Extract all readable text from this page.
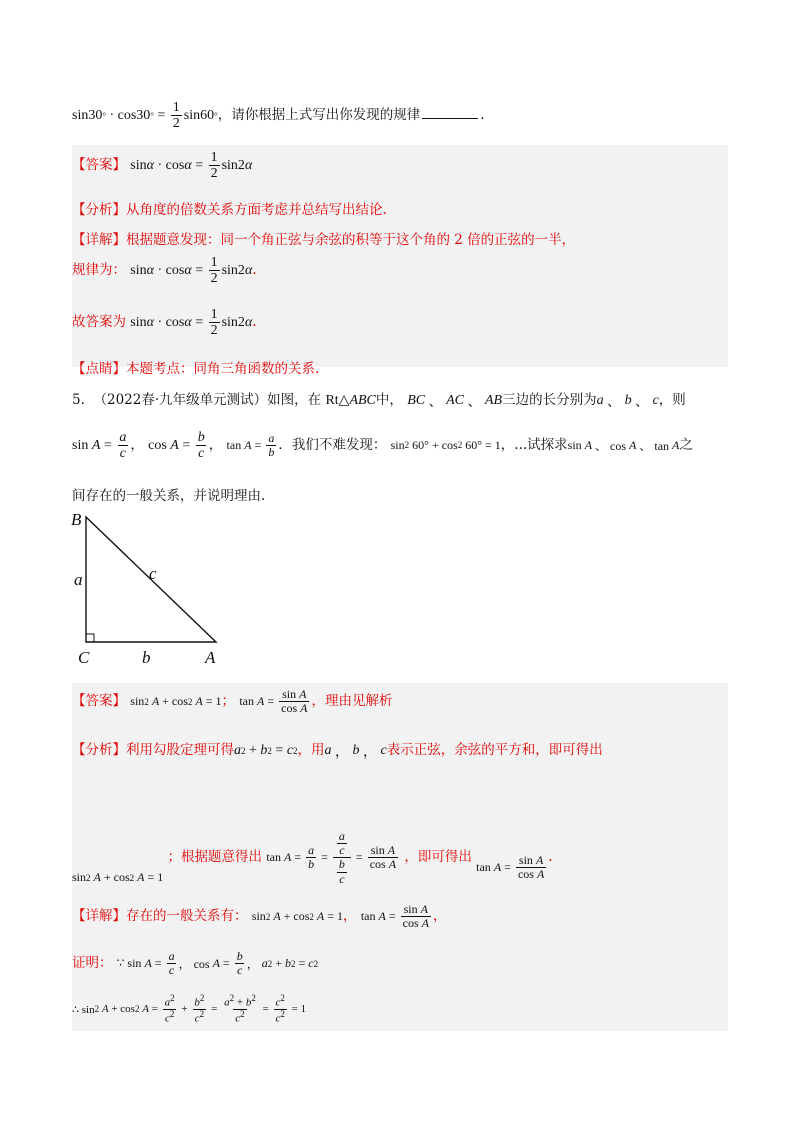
sin30 ° · cos30 ° = $\frac{1}{2} \sin 60$ ° ，请你根据上式写出你发现的规律	.
【答案】 $\sin \alpha \cdot \cos \alpha = \frac{1}{2} \sin 2$ α
【分析】从角度的倍数关系方面考虑并总结写出结论.
【详解】根据题意发现：同一个角正弦与余弦的积等于这个角的 2 倍的正弦的一半，
规律为： $\sin \alpha \cdot \cos \alpha = \frac{1}{2} \sin 2$ α .
故答案为 $\sin \alpha \cdot \cos \alpha = \frac{1}{2} \sin 2$ α .
【点睛】本题考点：同角三角函数的关系.
5. （2022春·九年级单元测试）如图，在 Rt△ ABC 中， BC 、 AC 、 AB 三边的长分别为 a 、 b 、 c ，则
$\sin A = \frac{a}{c}$ ， $\cos A = \frac{b}{c}$ ， $\tan A = \frac{a}{b}$ ．我们不难发现： sin 2 60° + cos 2 60° = 1，...试探求sin A 、 cos A 、 tan A 之
间存在的一般关系，并说明理由.
B
C	A
a
b
c
【答案】 sin 2
A + cos 2
A = 1； $\tan A = \frac{\text{sin A}}{\text{cos A}}$ ，理由见解析
【分析】利用勾股定理可得 a 2 + b 2 = c 2 ，用 a ， b ， c 表示正弦，余弦的平方和，即可得出
sin 2
A + cos 2
A = 1 ；根据题意得出 $\tan A = \frac{a}{b} = \frac{\frac{a}{c}}{\frac{b}{c}} = \frac{\text{sin A}}{\text{cos A}}$ ，即可得出 $\tan A = \frac{\text{sin A}}{\text{cos A}}$ .
【详解】存在的一般关系有： sin 2
A + cos 2
A = 1， $\tan A = \frac{\text{sin A}}{\text{cos A}}$ ，
证明： ∵ $\sin A = \frac{a}{c}$ ， $\cos A = \frac{b}{c}$ ， a 2 + b 2 = c 2
∴ sin 2
A + cos 2
$A = \frac{a^2}{c^2} + \frac{b^2}{c^2} = \frac{a^2 + b^2}{c^2} = \frac{c^2}{c^2} = 1$
